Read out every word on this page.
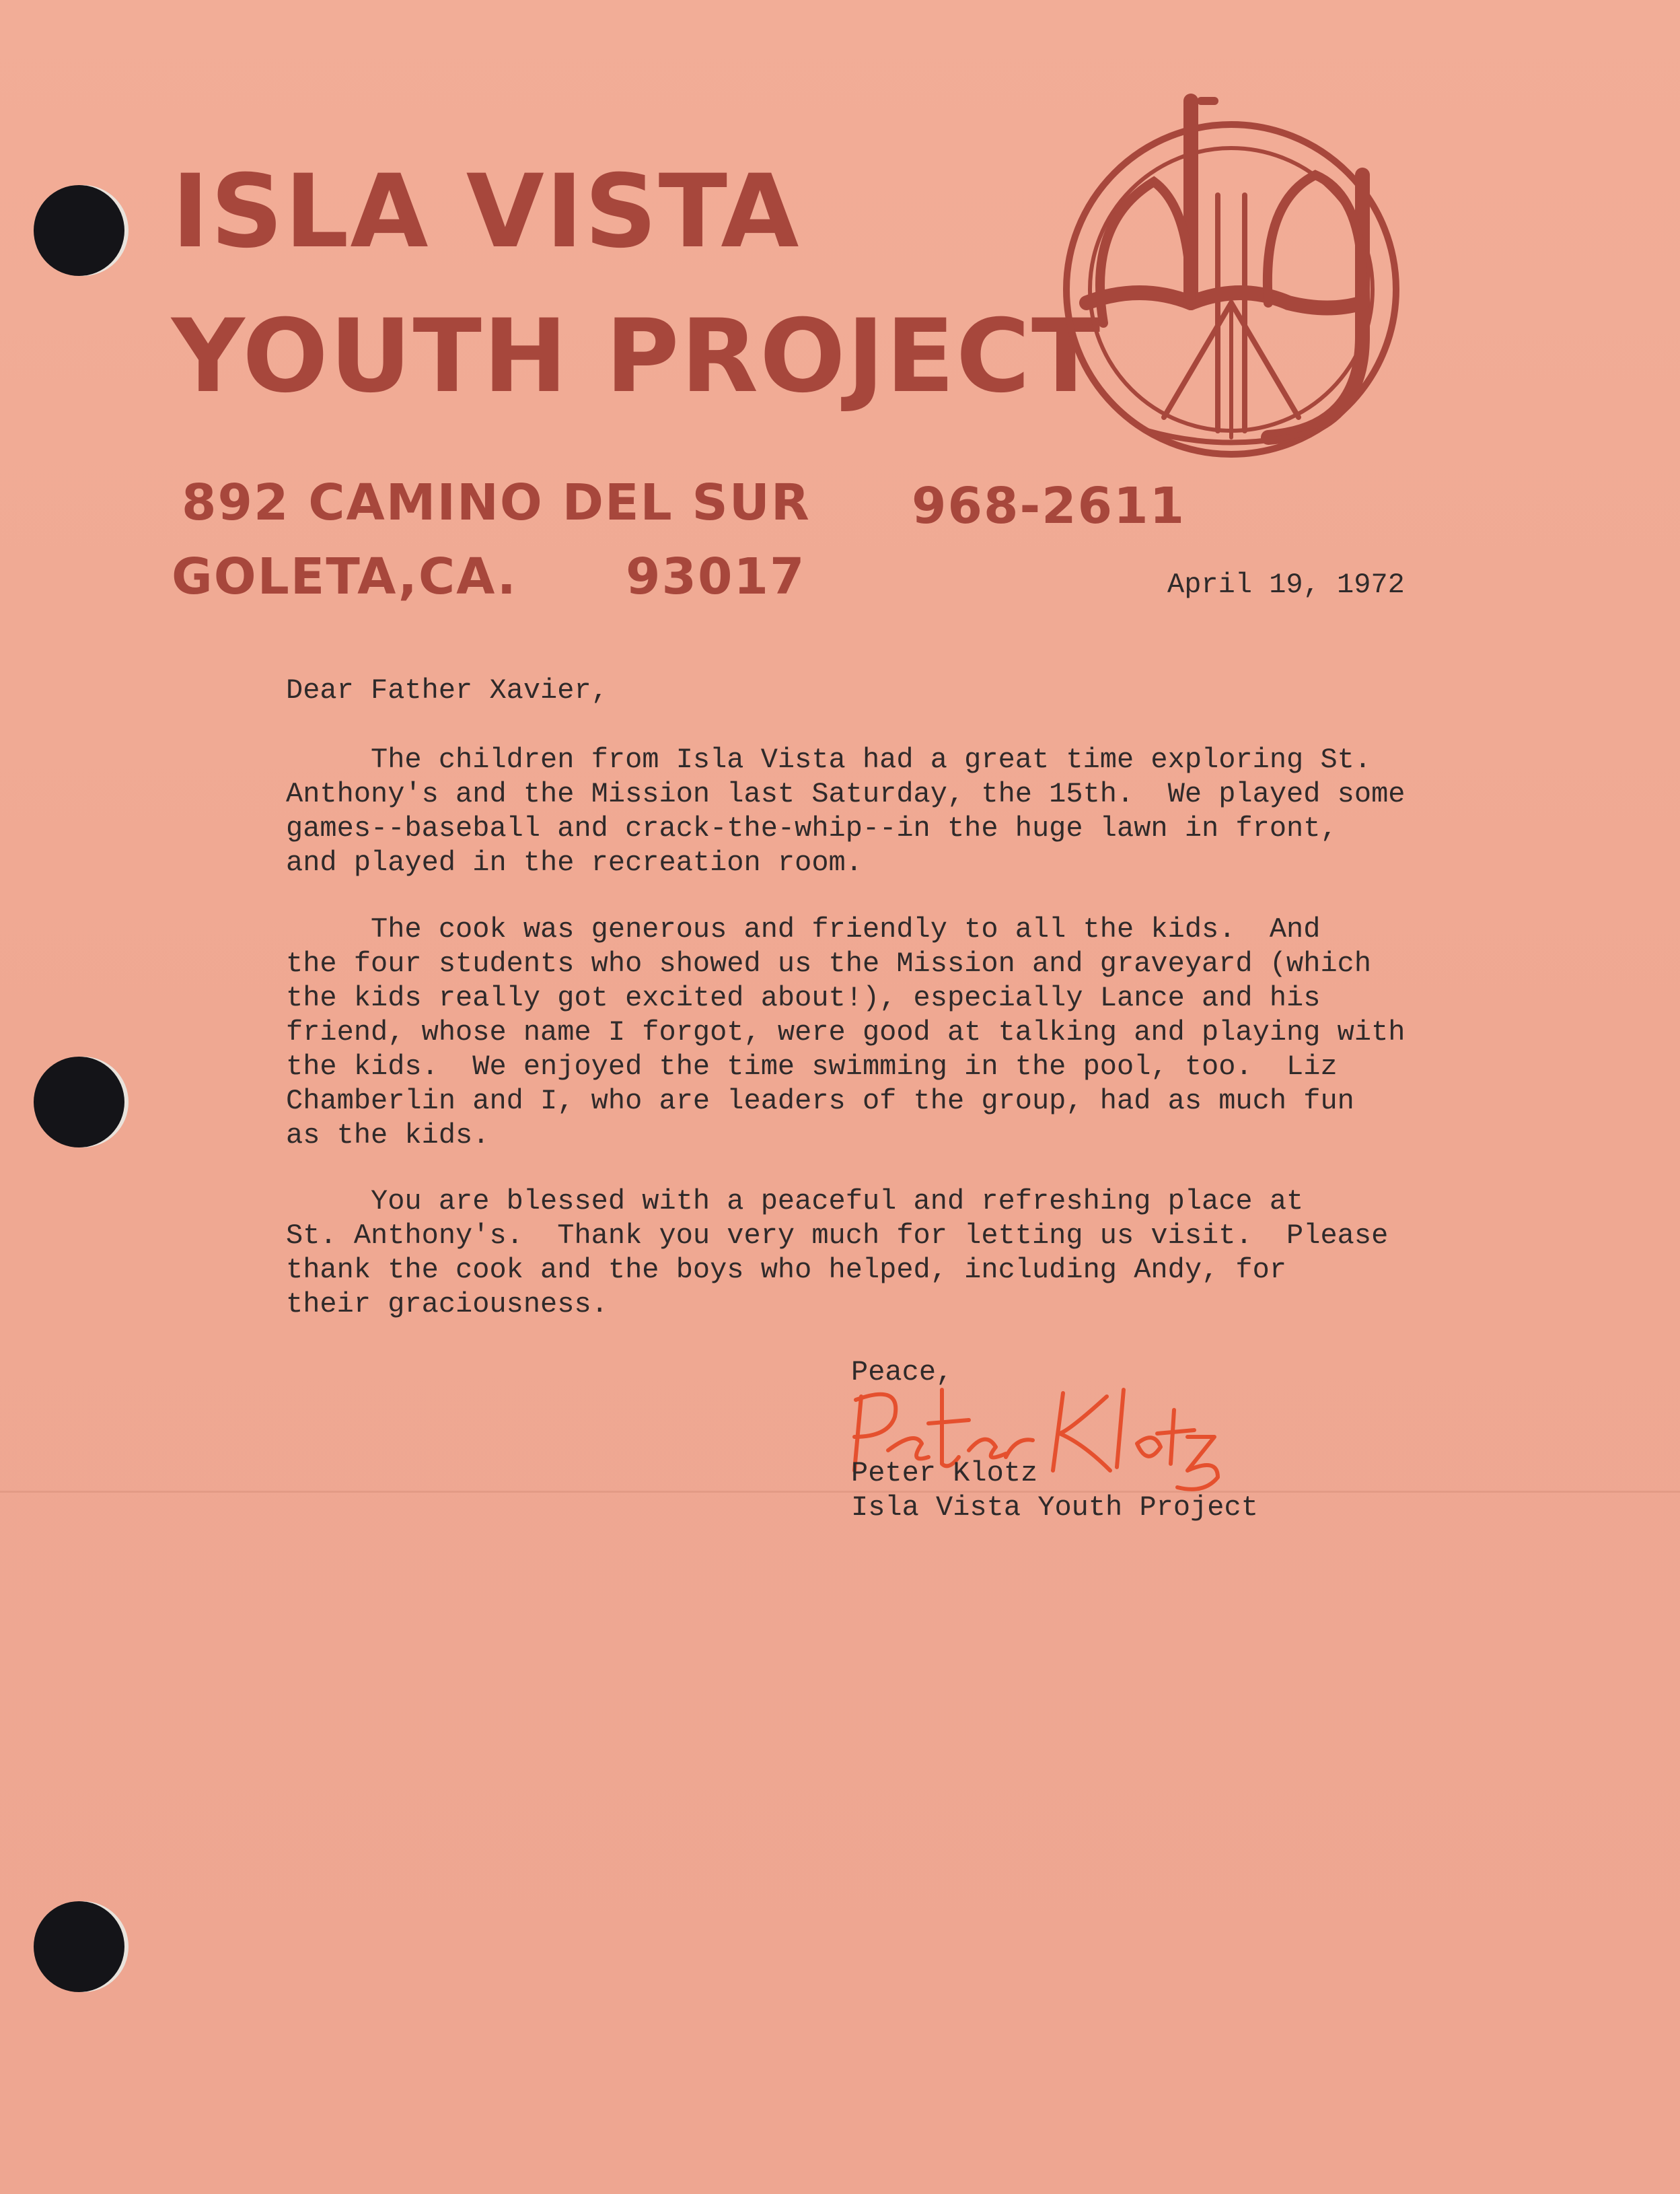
ISLA VISTA
YOUTH PROJECT
892 CAMINO DEL SUR 968-2611
GOLETA,CA. 93017	April 19, 1972
Dear Father Xavier,
The children from Isla Vista had a great time exploring St.
Anthony's and the Mission last Saturday, the 15th.  We played some
games--baseball and crack-the-whip--in the huge lawn in front,
and played in the recreation room.
The cook was generous and friendly to all the kids.  And
the four students who showed us the Mission and graveyard (which
the kids really got excited about!), especially Lance and his
friend, whose name I forgot, were good at talking and playing with
the kids.  We enjoyed the time swimming in the pool, too.  Liz
Chamberlin and I, who are leaders of the group, had as much fun
as the kids.
You are blessed with a peaceful and refreshing place at
St. Anthony's.  Thank you very much for letting us visit.  Please
thank the cook and the boys who helped, including Andy, for
their graciousness.
Peace,
Peter Klotz
Isla Vista Youth Project
